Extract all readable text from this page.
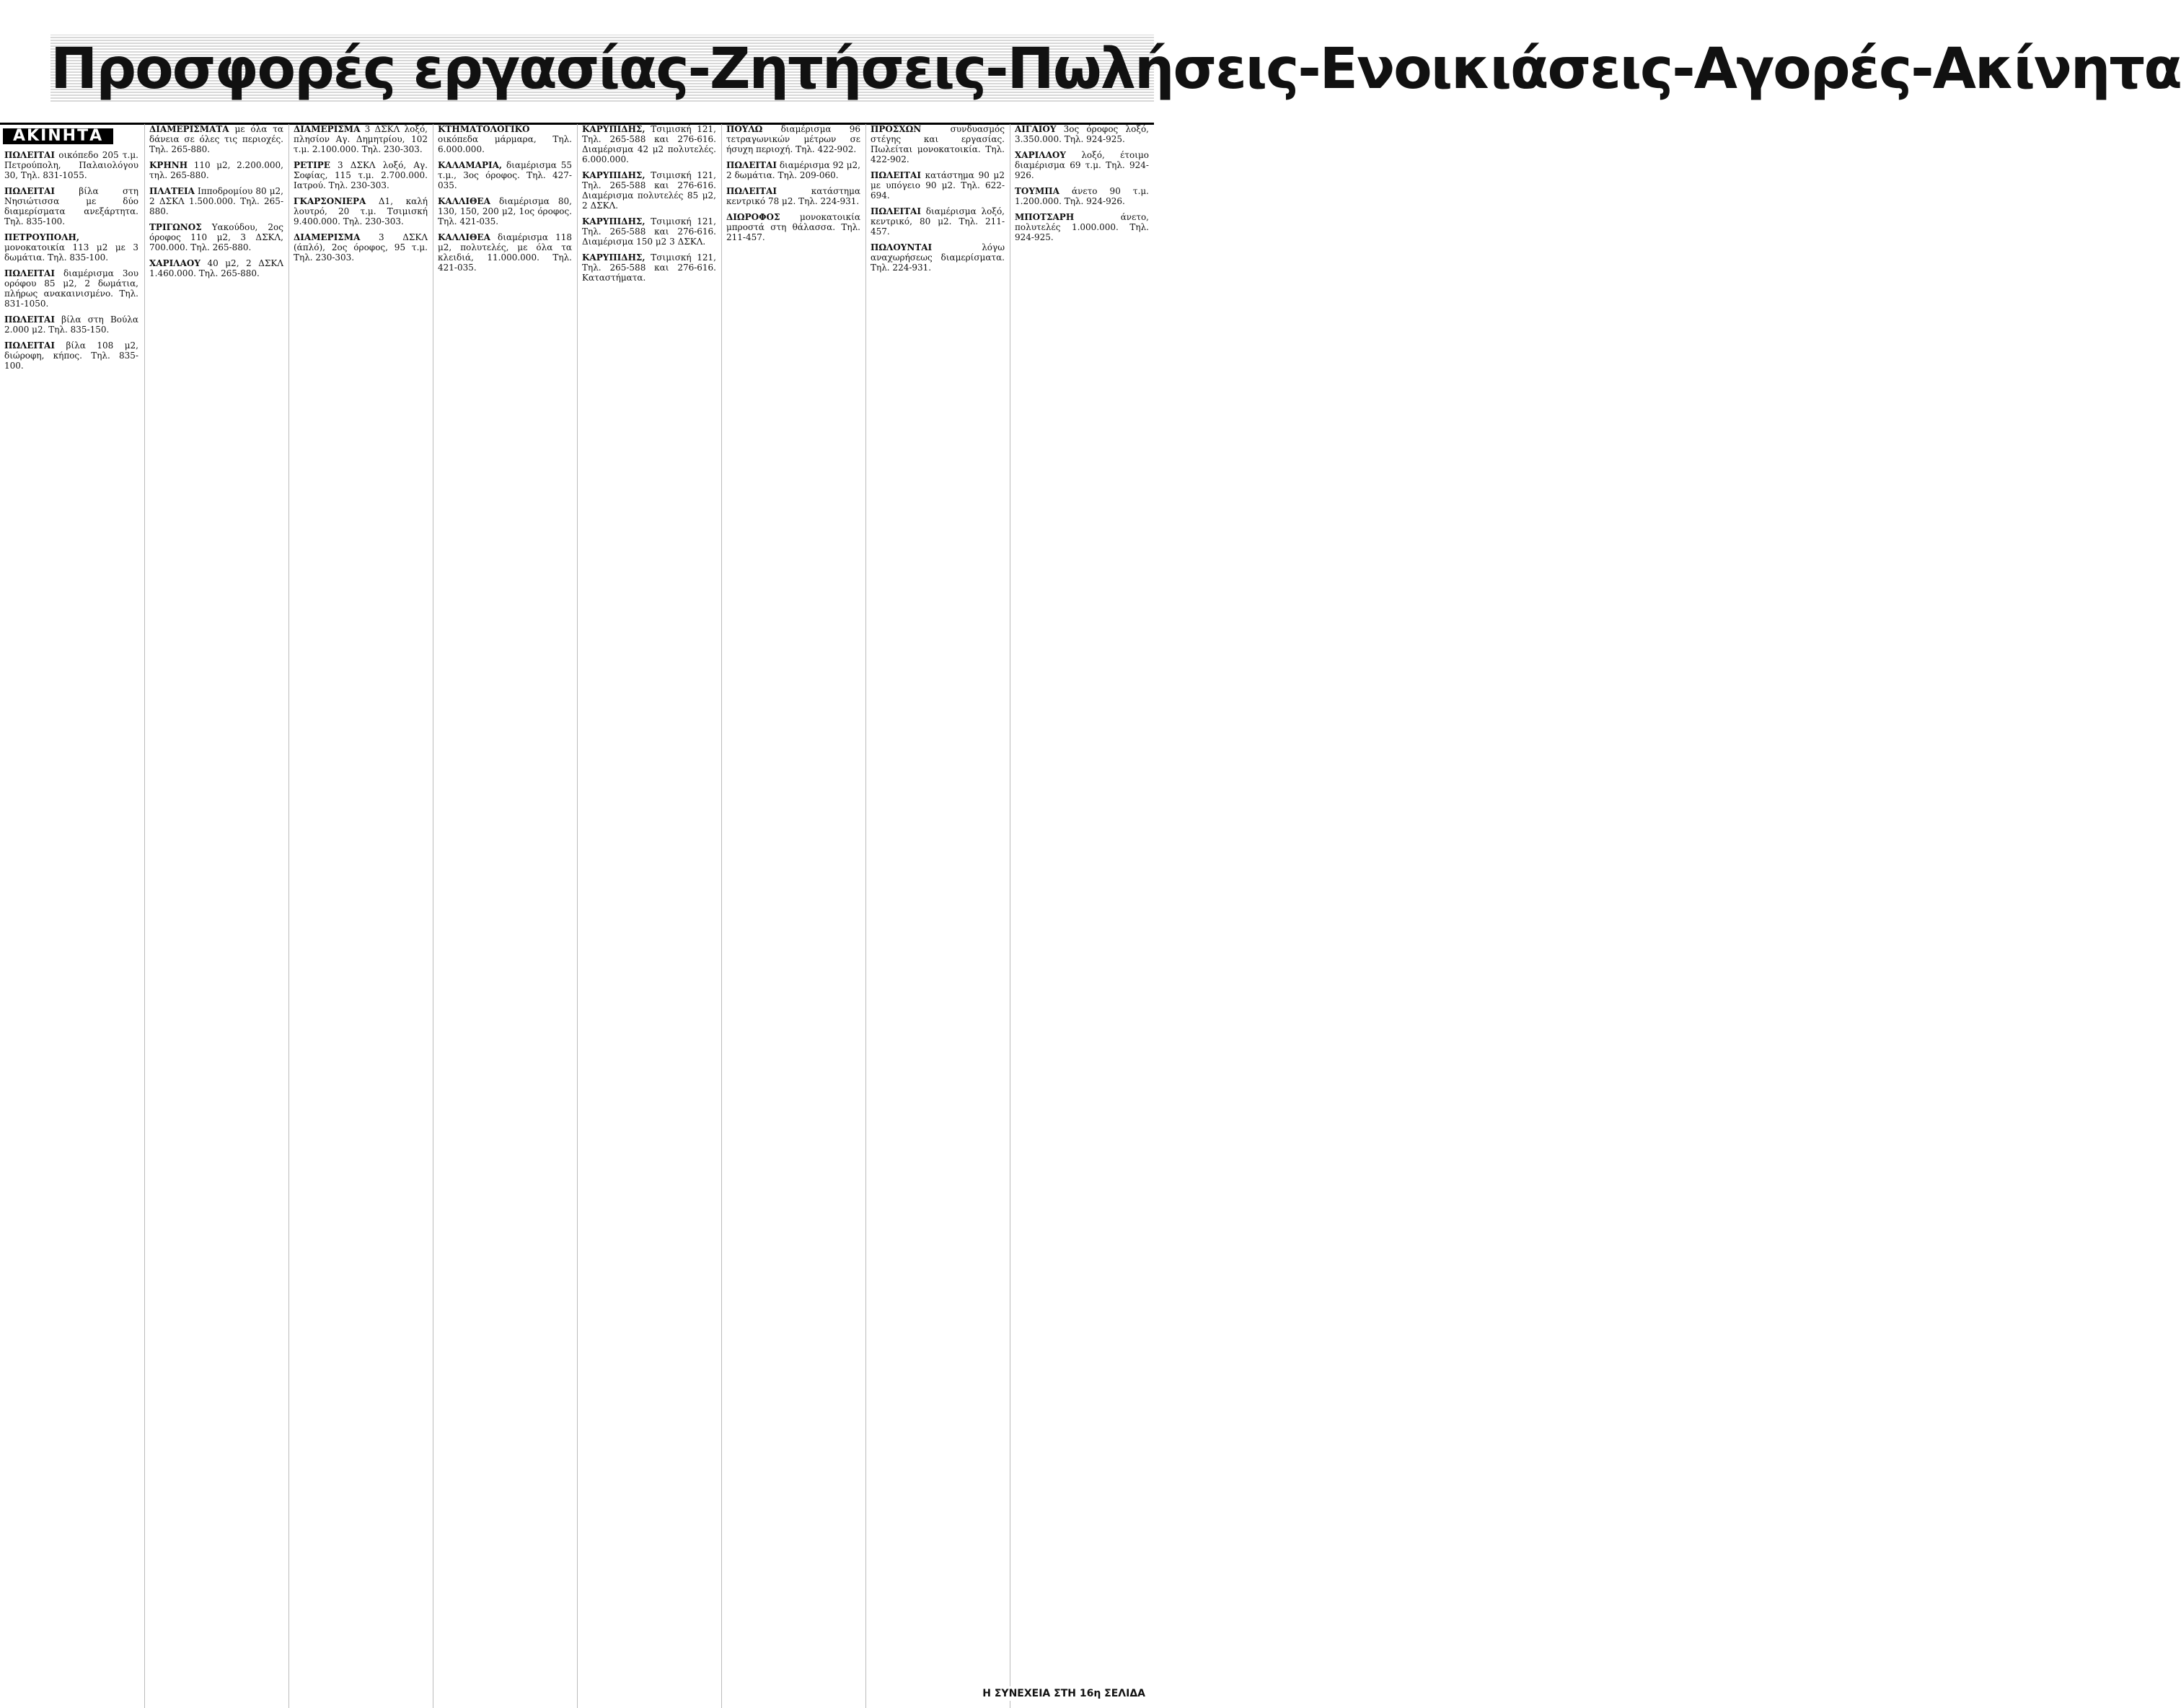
Προσφορές εργασίας-Ζητήσεις-Πωλήσεις-Ενοικιάσεις-Αγορές-Ακίνητα
ΑΚΙΝΗΤΑ

ΠΩΛΕΙΤΑΙ οικόπεδο 205 τ.μ. Πετρούπολη, Παλαιολόγου 30, Τηλ. 831-1055.

ΠΩΛΕΙΤΑΙ	βίλα στη Νησιώτισσα με δύο διαμερίσματα ανεξάρτητα. Τηλ. 835-100.

ΠΕΤΡΟΥΠΟΛΗ, μονοκατοικία 113 μ2 με 3 δωμάτια. Τηλ. 835-100.

ΠΩΛΕΙΤΑΙ διαμέρισμα 3ου ορόφου 85 μ2, 2 δωμάτια, πλήρως ανακαινισμένο. Τηλ. 831-1050.

ΠΩΛΕΙΤΑΙ βίλα στη Βούλα 2.000 μ2. Τηλ. 835-150.

ΠΩΛΕΙΤΑΙ βίλα 108 μ2, διώροφη, κήπος. Τηλ. 835-100.

ΔΙΑΜΕΡΙΣΜΑΤΑ με όλα τα δάνεια σε όλες τις περιοχές. Τηλ. 265-880.

ΚΡΗΝΗ 110 μ2, 2.200.000, τηλ. 265-880.

ΠΛΑΤΕΙΑ Ιπποδρομίου 80 μ2, 2 ΔΣΚΛ 1.500.000. Τηλ. 265-880.

ΤΡΙΓΩΝΟΣ Υακούδου, 2ος όροφος 110 μ2, 3 ΔΣΚΛ, 700.000. Τηλ. 265-880.

ΧΑΡΙΛΑΟΥ 40 μ2, 2 ΔΣΚΛ 1.460.000. Τηλ. 265-880.

ΔΙΑΜΕΡΙΣΜΑ 3 ΔΣΚΛ λοξό, πλησίον Αγ. Δημητρίου, 102 τ.μ. 2.100.000. Τηλ. 230-303.

ΡΕΤΙΡΕ 3 ΔΣΚΛ λοξό, Αγ. Σοφίας, 115 τ.μ. 2.700.000. Ιατρού. Τηλ. 230-303.

ΓΚΑΡΣΟΝΙΕΡΑ Δ1, καλή λουτρό, 20 τ.μ. Τσιμισκή 9.400.000. Τηλ. 230-303.

ΔΙΑΜΕΡΙΣΜΑ 3 ΔΣΚΛ (άπλό), 2ος όροφος, 95 τ.μ. Τηλ. 230-303.

ΚΤΗΜΑΤΟΛΟΓΙΚΟ οικόπεδα μάρμαρα, Τηλ. 6.000.000.

ΚΑΛΑΜΑΡΙΑ, διαμέρισμα 55 τ.μ., 3ος όροφος. Τηλ. 427-035.

ΚΑΛΛΙΘΕΑ διαμέρισμα 80, 130, 150, 200 μ2, 1ος όροφος. Τηλ. 421-035.

ΚΑΛΛΙΘΕΑ διαμέρισμα 118 μ2, πολυτελές, με όλα τα κλειδιά, 11.000.000. Τηλ. 421-035.

ΚΑΡΥΠΙΔΗΣ, Τσιμισκή 121, Τηλ. 265-588 και 276-616. Διαμέρισμα 42 μ2 πολυτελές. 6.000.000.

ΚΑΡΥΠΙΔΗΣ, Τσιμισκή 121, Τηλ. 265-588 και 276-616. Διαμέρισμα πολυτελές 85 μ2, 2 ΔΣΚΛ.

ΚΑΡΥΠΙΔΗΣ, Τσιμισκή 121, Τηλ. 265-588 και 276-616. Διαμέρισμα 150 μ2 3 ΔΣΚΛ.

ΚΑΡΥΠΙΔΗΣ, Τσιμισκή 121, Τηλ. 265-588 και 276-616. Καταστήματα.

ΠΟΥΛΩ διαμέρισμα 96 τετραγωνικών μέτρων σε ήσυχη περιοχή. Τηλ. 422-902.

ΠΩΛΕΙΤΑΙ διαμέρισμα 92 μ2, 2 δωμάτια. Τηλ. 209-060.

ΠΩΛΕΙΤΑΙ	κατάστημα κεντρικό 78 μ2. Τηλ. 224-931.

ΔΙΩΡΟΦΟΣ μονοκατοικία μπροστά στη θάλασσα. Τηλ. 211-457.

ΠΡΟΣΧΩΝ	συνδυασμός στέγης και εργασίας. Πωλείται μονοκατοικία. Τηλ. 422-902.

ΠΩΛΕΙΤΑΙ κατάστημα 90 μ2 με υπόγειο 90 μ2. Τηλ. 622-694.

ΠΩΛΕΙΤΑΙ διαμέρισμα λοξό, κεντρικό, 80 μ2. Τηλ. 211-457.

ΠΩΛΟΥΝΤΑΙ	λόγω αναχωρήσεως διαμερίσματα. Τηλ. 224-931.

ΑΙΓΑΙΟΥ 3ος όροφος λοξό, 3.350.000. Τηλ. 924-925.

ΧΑΡΙΛΑΟΥ λοξό, έτοιμο διαμέρισμα 69 τ.μ. Τηλ. 924-926.

ΤΟΥΜΠΑ άνετο 90 τ.μ. 1.200.000. Τηλ. 924-926.

ΜΠΟΤΣΑΡΗ	άνετο, πολυτελές 1.000.000. Τηλ. 924-925.

Η ΣΥΝΕΧΕΙΑ ΣΤΗ 16η ΣΕΛΙΔΑ
